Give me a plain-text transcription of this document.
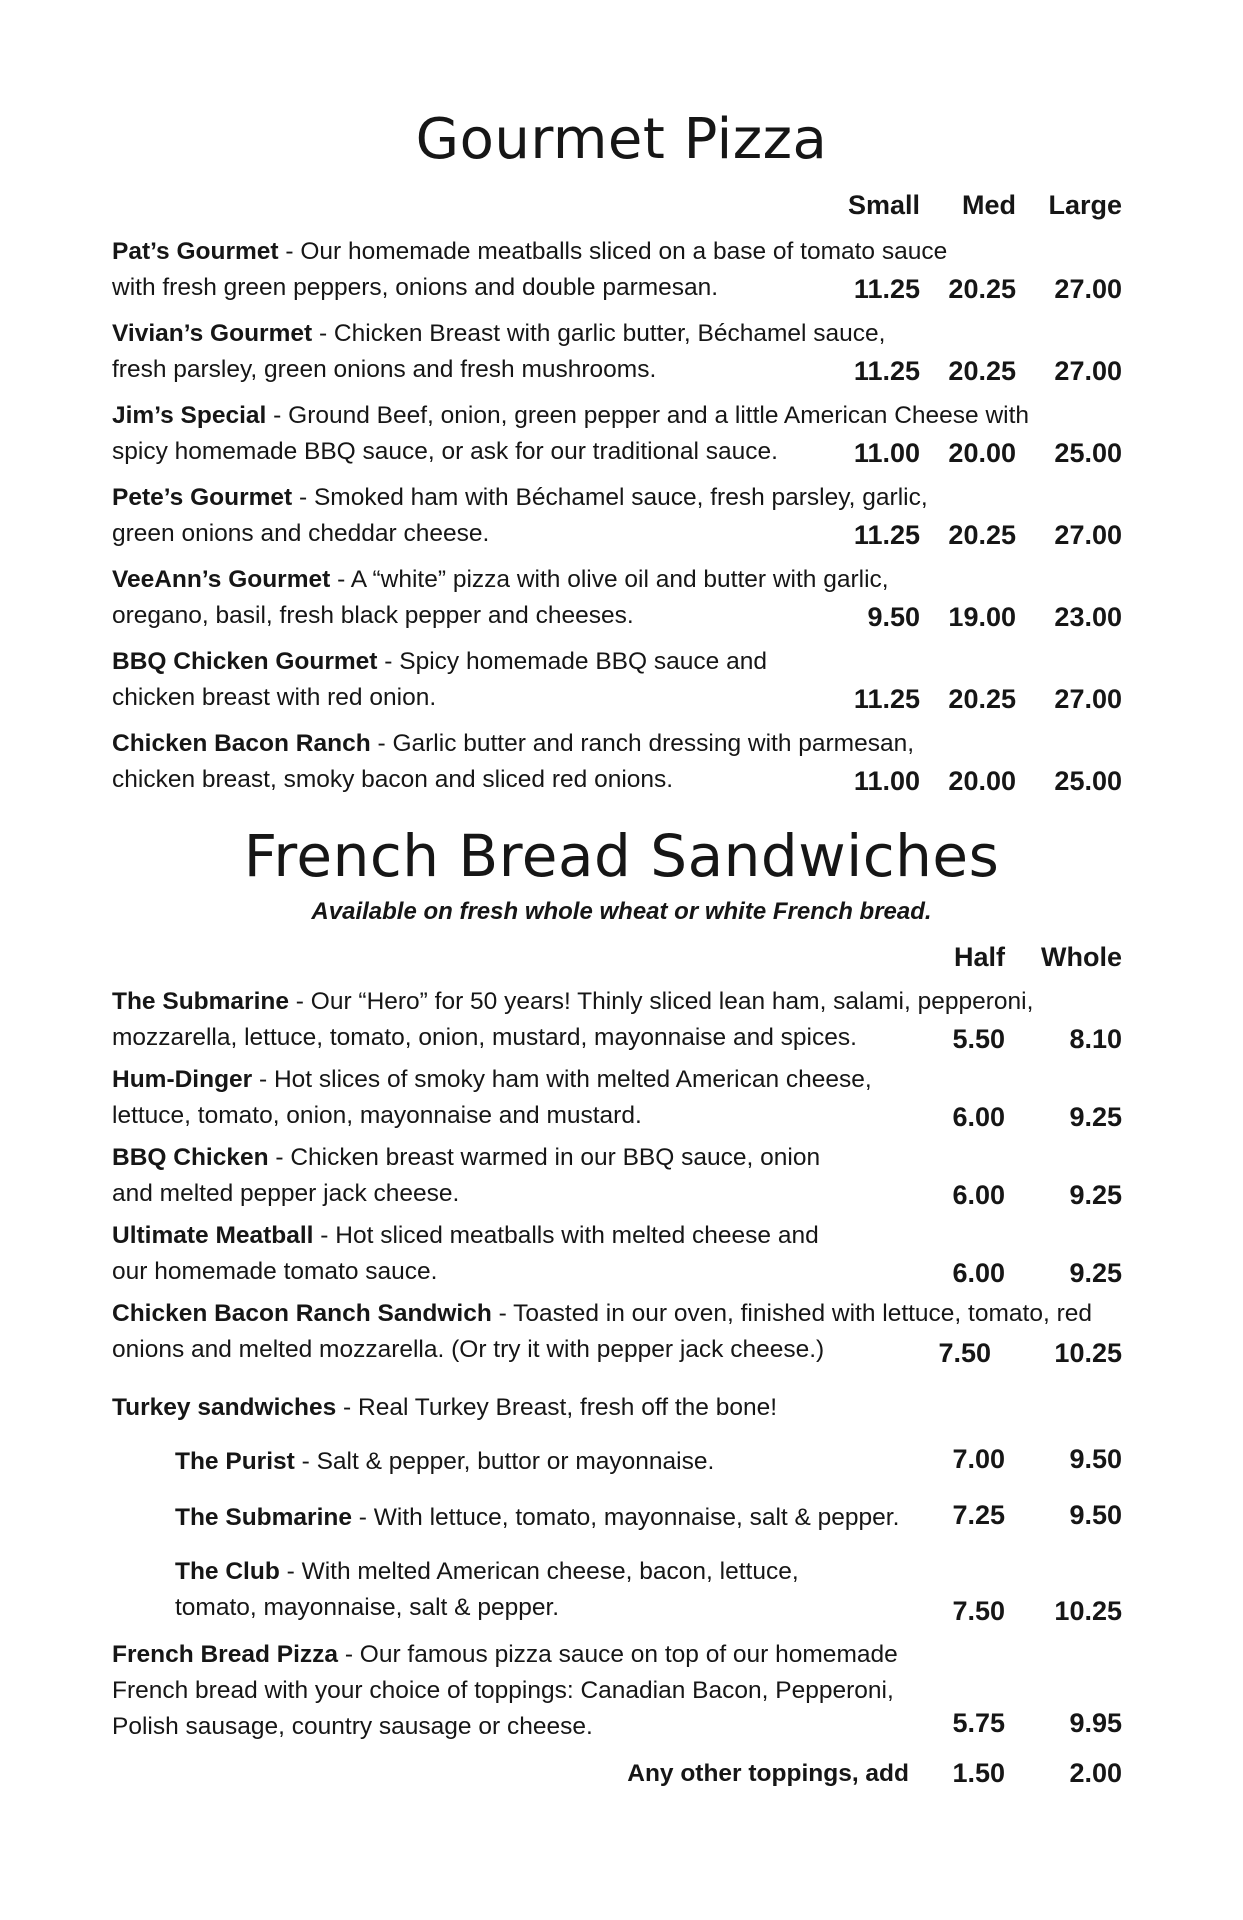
Gourmet Pizza
Small Med Large
Pat’s Gourmet - Our homemade meatballs sliced on a base of tomato sauce
with fresh green peppers, onions and double parmesan.	11.25 20.25 27.00
Vivian’s Gourmet - Chicken Breast with garlic butter, Béchamel sauce,
fresh parsley, green onions and fresh mushrooms.	11.25 20.25 27.00
Jim’s Special - Ground Beef, onion, green pepper and a little American Cheese with
spicy homemade BBQ sauce, or ask for our traditional sauce.	11.00 20.00 25.00
Pete’s Gourmet - Smoked ham with Béchamel sauce, fresh parsley, garlic,
green onions and cheddar cheese.	11.25 20.25 27.00
VeeAnn’s Gourmet - A “white” pizza with olive oil and butter with garlic,
oregano, basil, fresh black pepper and cheeses.	9.50 19.00 23.00
BBQ Chicken Gourmet - Spicy homemade BBQ sauce and
chicken breast with red onion.	11.25 20.25 27.00
Chicken Bacon Ranch - Garlic butter and ranch dressing with parmesan,
chicken breast, smoky bacon and sliced red onions.	11.00 20.00 25.00
French Bread Sandwiches
Available on fresh whole wheat or white French bread.
Half Whole
The Submarine - Our “Hero” for 50 years! Thinly sliced lean ham, salami, pepperoni,
mozzarella, lettuce, tomato, onion, mustard, mayonnaise and spices.	5.50 8.10
Hum-Dinger - Hot slices of smoky ham with melted American cheese,
lettuce, tomato, onion, mayonnaise and mustard.	6.00 9.25
BBQ Chicken - Chicken breast warmed in our BBQ sauce, onion
and melted pepper jack cheese.	6.00 9.25
Ultimate Meatball - Hot sliced meatballs with melted cheese and
our homemade tomato sauce.	6.00 9.25
Chicken Bacon Ranch Sandwich - Toasted in our oven, finished with lettuce, tomato, red
onions and melted mozzarella. (Or try it with pepper jack cheese.)	7.50 10.25
Turkey sandwiches - Real Turkey Breast, fresh off the bone!
The Purist - Salt & pepper, buttor or mayonnaise.	7.00 9.50
The Submarine - With lettuce, tomato, mayonnaise, salt & pepper.	7.25 9.50
The Club - With melted American cheese, bacon, lettuce,
tomato, mayonnaise, salt & pepper.	7.50 10.25
French Bread Pizza - Our famous pizza sauce on top of our homemade
French bread with your choice of toppings: Canadian Bacon, Pepperoni,
Polish sausage, country sausage or cheese.	5.75 9.95
Any other toppings, add 1.50 2.00
